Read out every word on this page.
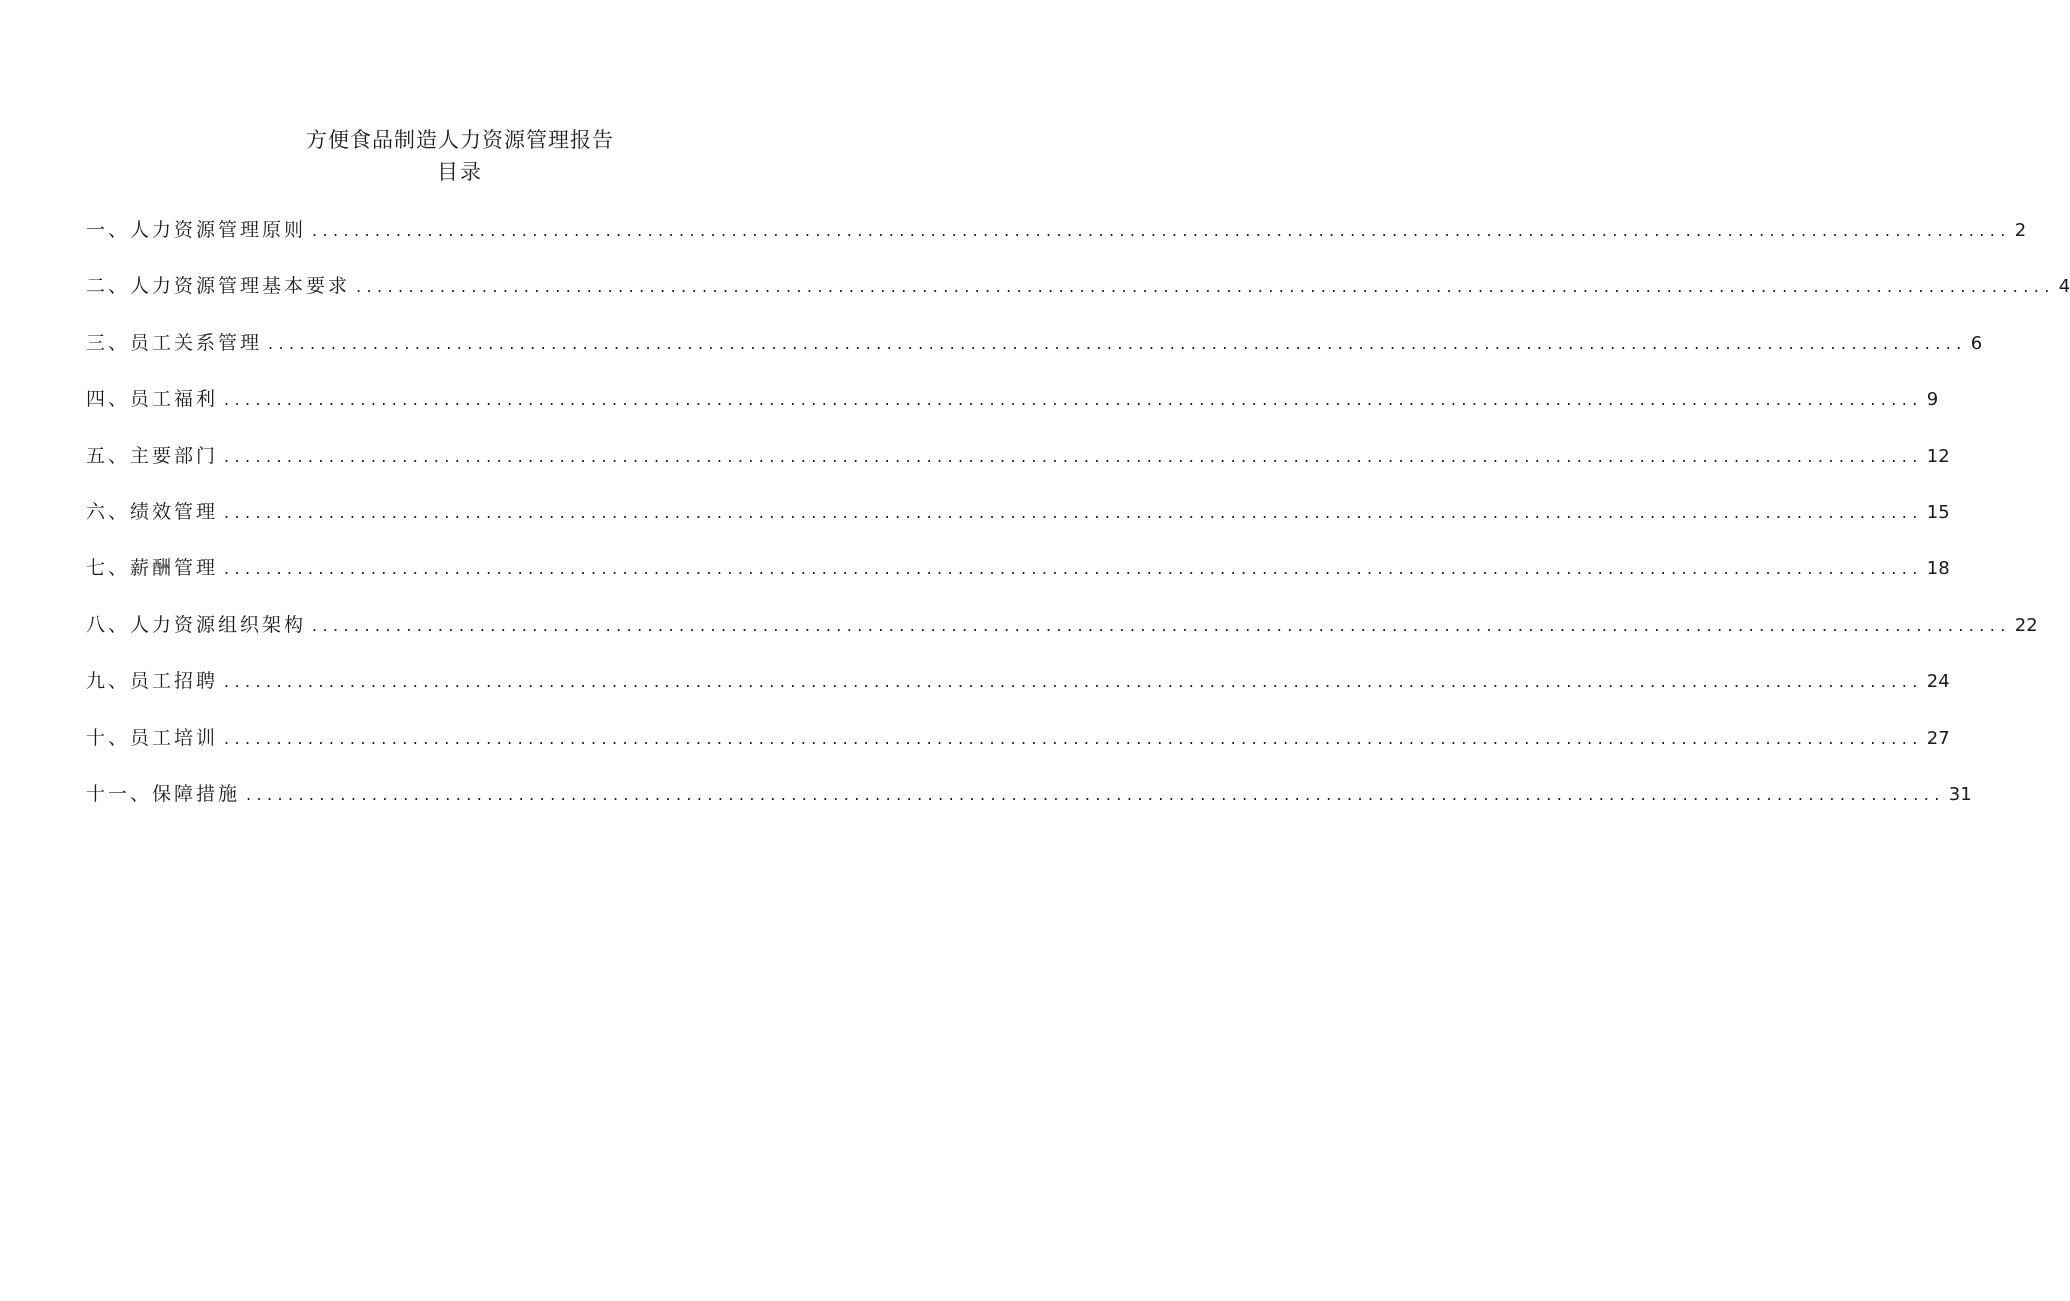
方便食品制造人力资源管理报告
目录
一、人力资源管理原则 .................................................................................................................................................................. 2
二、人力资源管理基本要求 .................................................................................................................................................................. 4
三、员工关系管理 .................................................................................................................................................................. 6
四、员工福利 .................................................................................................................................................................. 9
五、主要部门 .................................................................................................................................................................. 12
六、绩效管理 .................................................................................................................................................................. 15
七、薪酬管理 .................................................................................................................................................................. 18
八、人力资源组织架构 .................................................................................................................................................................. 22
九、员工招聘 .................................................................................................................................................................. 24
十、员工培训 .................................................................................................................................................................. 27
十一、保障措施 .................................................................................................................................................................. 31
